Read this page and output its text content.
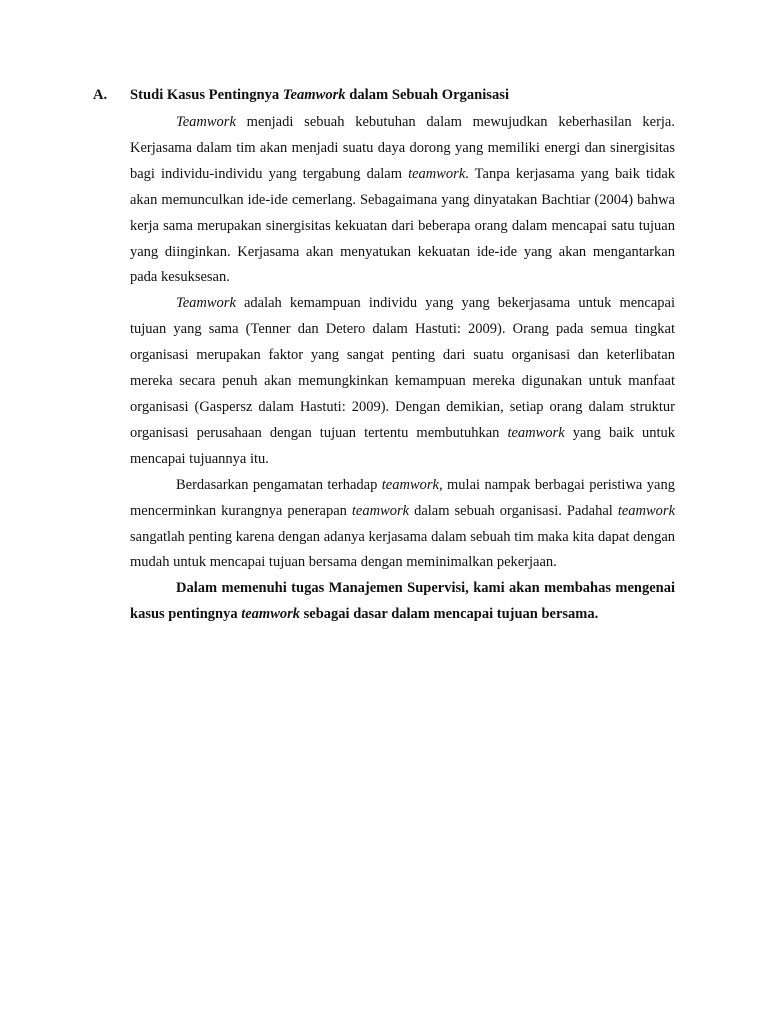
A. Studi Kasus Pentingnya Teamwork dalam Sebuah Organisasi

Teamwork menjadi sebuah kebutuhan dalam mewujudkan keberhasilan kerja. Kerjasama dalam tim akan menjadi suatu daya dorong yang memiliki energi dan sinergisitas bagi individu-individu yang tergabung dalam teamwork. Tanpa kerjasama yang baik tidak akan memunculkan ide-ide cemerlang. Sebagaimana yang dinyatakan Bachtiar (2004) bahwa kerja sama merupakan sinergisitas kekuatan dari beberapa orang dalam mencapai satu tujuan yang diinginkan. Kerjasama akan menyatukan kekuatan ide-ide yang akan mengantarkan pada kesuksesan.

Teamwork adalah kemampuan individu yang yang bekerjasama untuk mencapai tujuan yang sama (Tenner dan Detero dalam Hastuti: 2009). Orang pada semua tingkat organisasi merupakan faktor yang sangat penting dari suatu organisasi dan keterlibatan mereka secara penuh akan memungkinkan kemampuan mereka digunakan untuk manfaat organisasi (Gaspersz dalam Hastuti: 2009). Dengan demikian, setiap orang dalam struktur organisasi perusahaan dengan tujuan tertentu membutuhkan teamwork yang baik untuk mencapai tujuannya itu.

Berdasarkan pengamatan terhadap teamwork, mulai nampak berbagai peristiwa yang mencerminkan kurangnya penerapan teamwork dalam sebuah organisasi. Padahal teamwork sangatlah penting karena dengan adanya kerjasama dalam sebuah tim maka kita dapat dengan mudah untuk mencapai tujuan bersama dengan meminimalkan pekerjaan.

Dalam memenuhi tugas Manajemen Supervisi, kami akan membahas mengenai kasus pentingnya teamwork sebagai dasar dalam mencapai tujuan bersama.
